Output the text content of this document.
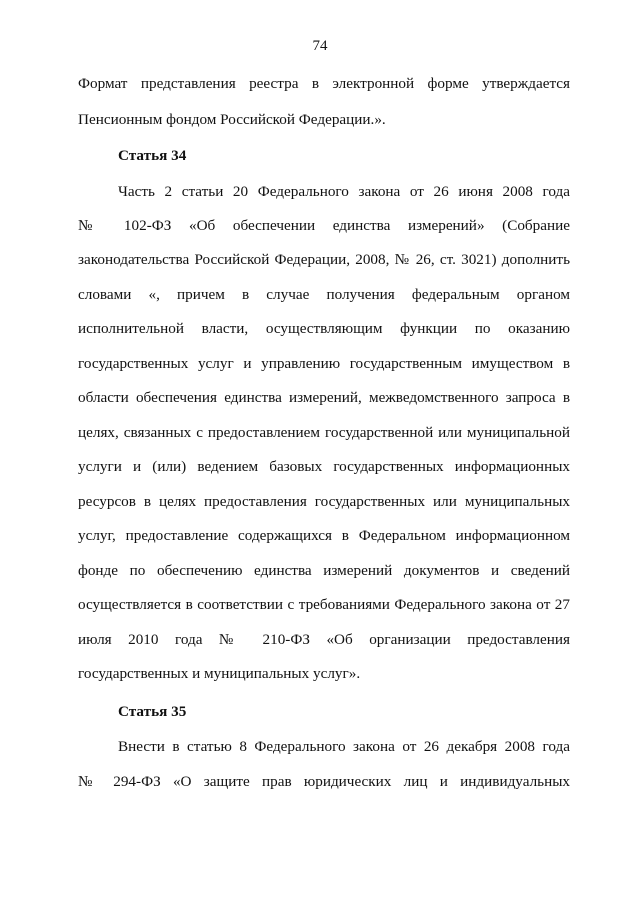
74
Формат представления реестра в электронной форме утверждается
Пенсионным фондом Российской Федерации.».
Статья 34
Часть 2 статьи 20 Федерального закона от 26 июня 2008 года
№ 102-ФЗ «Об обеспечении единства измерений» (Собрание
законодательства Российской Федерации, 2008, № 26, ст. 3021) дополнить
словами «, причем в случае получения федеральным органом
исполнительной власти, осуществляющим функции по оказанию
государственных услуг и управлению государственным имуществом в
области обеспечения единства измерений, межведомственного запроса в
целях, связанных с предоставлением государственной или муниципальной
услуги и (или) ведением базовых государственных информационных
ресурсов в целях предоставления государственных или муниципальных
услуг, предоставление содержащихся в Федеральном информационном
фонде по обеспечению единства измерений документов и сведений
осуществляется в соответствии с требованиями Федерального закона от 27
июля 2010 года № 210-ФЗ «Об организации предоставления
государственных и муниципальных услуг».
Статья 35
Внести в статью 8 Федерального закона от 26 декабря 2008 года
№ 294-ФЗ «О защите прав юридических лиц и индивидуальных
